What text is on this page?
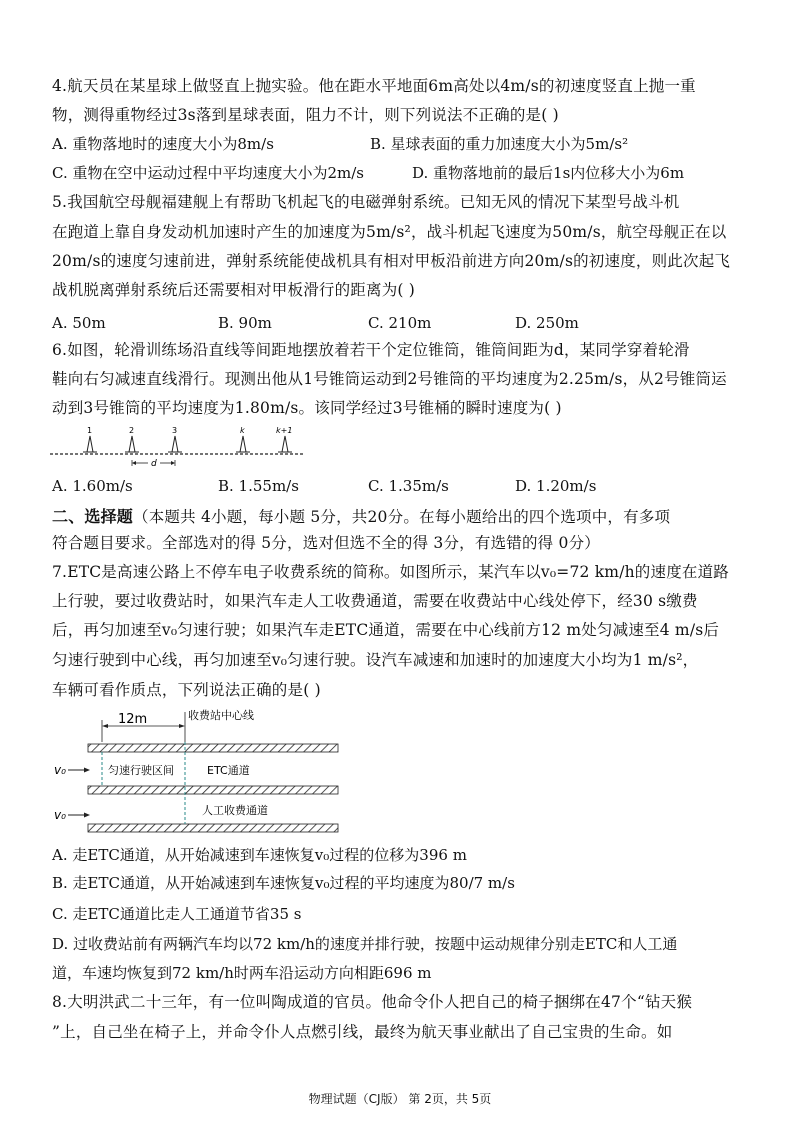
4.航天员在某星球上做竖直上抛实验。他在距水平地面6m高处以4m/s的初速度竖直上抛一重
物，测得重物经过3s落到星球表面，阻力不计，则下列说法不正确的是( )
A. 重物落地时的速度大小为8m/s	B. 星球表面的重力加速度大小为5m/s²
C. 重物在空中运动过程中平均速度大小为2m/s	D. 重物落地前的最后1s内位移大小为6m
5.我国航空母舰福建舰上有帮助飞机起飞的电磁弹射系统。已知无风的情况下某型号战斗机
在跑道上靠自身发动机加速时产生的加速度为5m/s²，战斗机起飞速度为50m/s，航空母舰正在以
20m/s的速度匀速前进，弹射系统能使战机具有相对甲板沿前进方向20m/s的初速度，则此次起飞
战机脱离弹射系统后还需要相对甲板滑行的距离为( )
A. 50m	B. 90m	C. 210m	D. 250m
6.如图，轮滑训练场沿直线等间距地摆放着若干个定位锥筒，锥筒间距为d，某同学穿着轮滑
鞋向右匀减速直线滑行。现测出他从1号锥筒运动到2号锥筒的平均速度为2.25m/s，从2号锥筒运
动到3号锥筒的平均速度为1.80m/s。该同学经过3号锥桶的瞬时速度为( )
1	2	3	k	k+1
d
A. 1.60m/s	B. 1.55m/s	C. 1.35m/s	D. 1.20m/s
二、选择题（本题共 4小题，每小题 5分，共20分。在每小题给出的四个选项中，有多项
符合题目要求。全部选对的得 5分，选对但选不全的得 3分，有选错的得 0分）
7.ETC是高速公路上不停车电子收费系统的简称。如图所示，某汽车以v₀=72 km/h的速度在道路
上行驶，要过收费站时，如果汽车走人工收费通道，需要在收费站中心线处停下，经30 s缴费
后，再匀加速至v₀匀速行驶；如果汽车走ETC通道，需要在中心线前方12 m处匀减速至4 m/s后
匀速行驶到中心线，再匀加速至v₀匀速行驶。设汽车减速和加速时的加速度大小均为1 m/s²，
车辆可看作质点，下列说法正确的是( )
12m	收费站中心线
匀速行驶区间	ETC通道
人工收费通道
v₀
v₀
A. 走ETC通道，从开始减速到车速恢复v₀过程的位移为396 m
B. 走ETC通道，从开始减速到车速恢复v₀过程的平均速度为80/7 m/s
C. 走ETC通道比走人工通道节省35 s
D. 过收费站前有两辆汽车均以72 km/h的速度并排行驶，按题中运动规律分别走ETC和人工通
道，车速均恢复到72 km/h时两车沿运动方向相距696 m
8.大明洪武二十三年，有一位叫陶成道的官员。他命令仆人把自己的椅子捆绑在47个“钻天猴
”上，自己坐在椅子上，并命令仆人点燃引线，最终为航天事业献出了自己宝贵的生命。如
物理试题（CJ版） 第 2页，共 5页
